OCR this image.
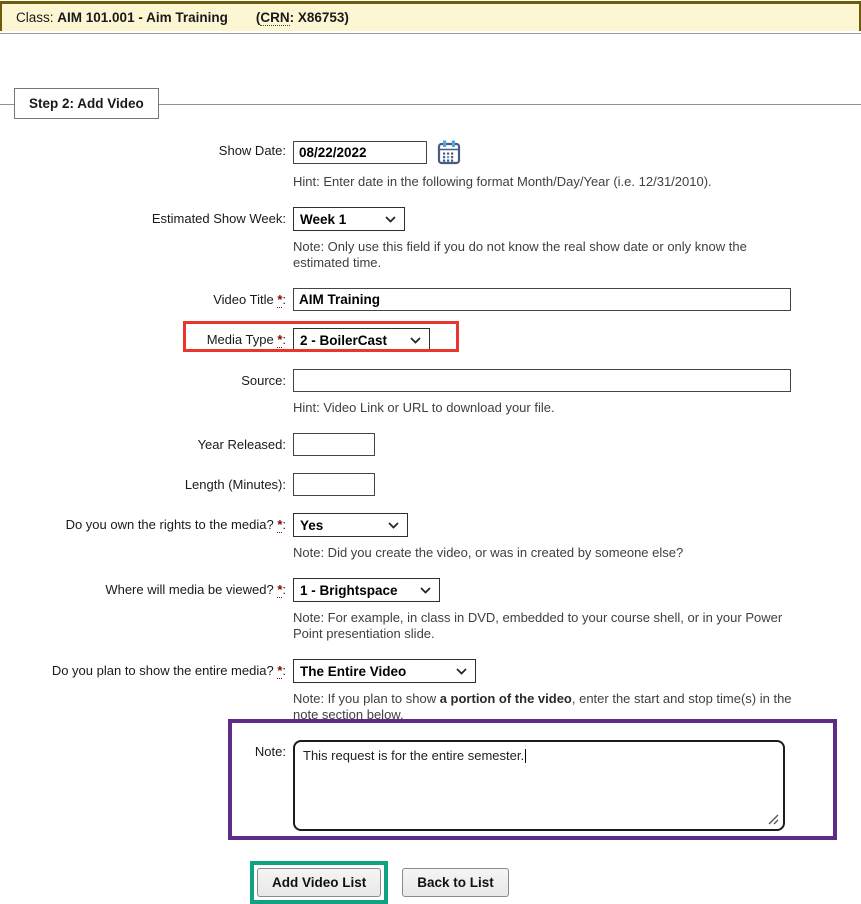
Class: AIM 101.001 - Aim Training (CRN: X86753)
Step 2: Add Video
Show Date:
08/22/2022
Hint: Enter date in the following format Month/Day/Year (i.e. 12/31/2010).
Estimated Show Week:	Week 1
Note: Only use this field if you do not know the real show date or only know the estimated time.
Video Title *:
AIM Training
Media Type *:	2 - BoilerCast
Source:
Hint: Video Link or URL to download your file.
Year Released:
Length (Minutes):
Do you own the rights to the media? *:	Yes
Note: Did you create the video, or was in created by someone else?
Where will media be viewed? *:	1 - Brightspace
Note: For example, in class in DVD, embedded to your course shell, or in your Power Point presentiation slide.
Do you plan to show the entire media? *:	The Entire Video
Note: If you plan to show a portion of the video, enter the start and stop time(s) in the note section below.
Note:	This request is for the entire semester.
Add Video List	Back to List
